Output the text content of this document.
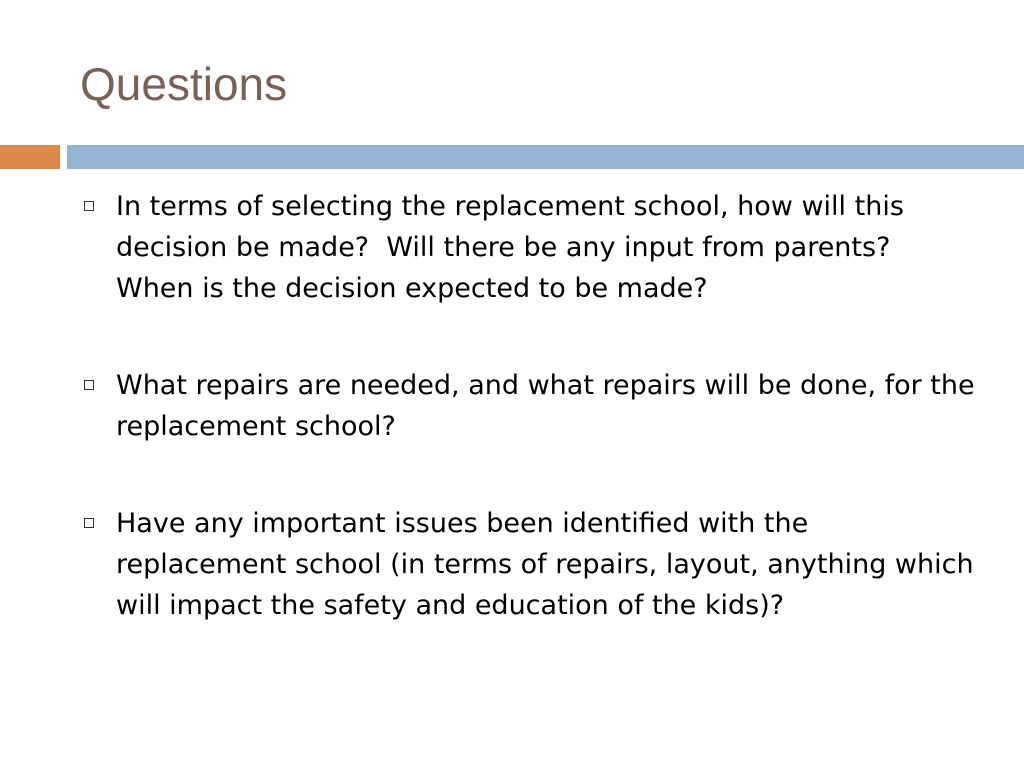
Questions
In terms of selecting the replacement school, how will this decision be made?  Will there be any input from parents?  When is the decision expected to be made?
What repairs are needed, and what repairs will be done, for the replacement school?
Have any important issues been identified with the replacement school (in terms of repairs, layout, anything which will impact the safety and education of the kids)?
